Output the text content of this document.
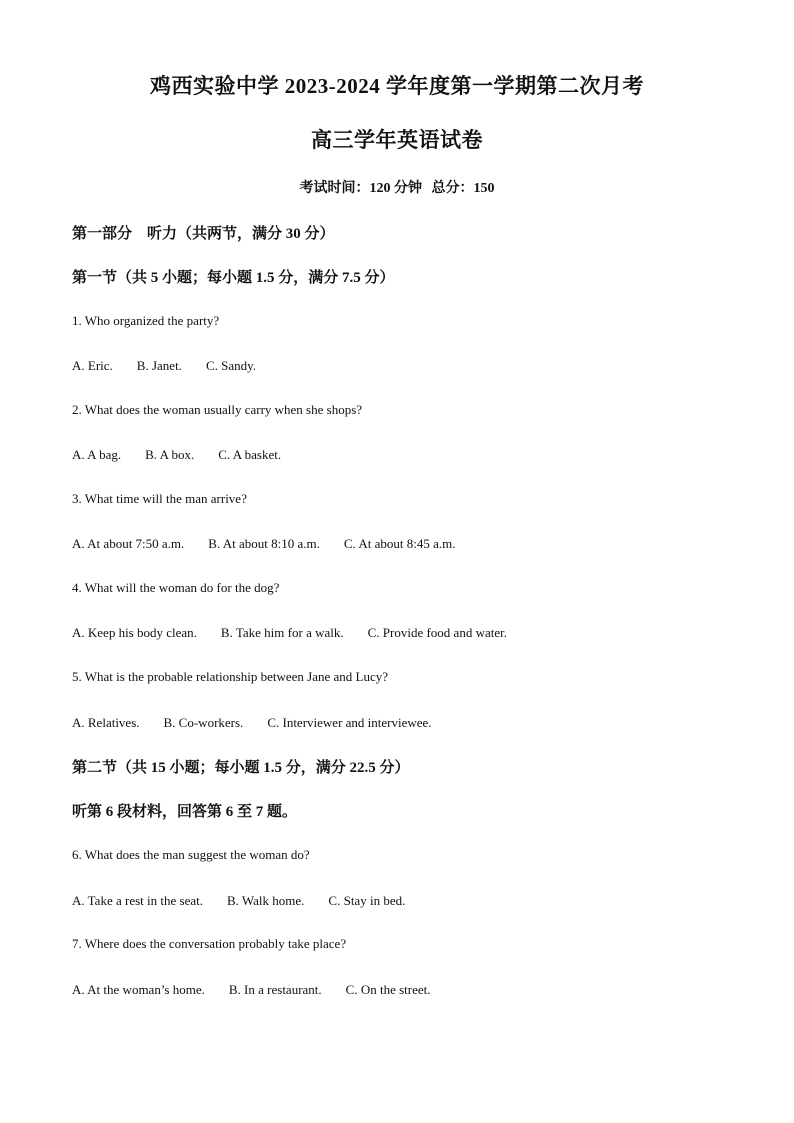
鸡西实验中学 2023-2024 学年度第一学期第二次月考
高三学年英语试卷
考试时间：120 分钟 总分：150
第一部分　听力（共两节，满分 30 分）
第一节（共 5 小题；每小题 1.5 分，满分 7.5 分）
1. Who organized the party?
A. Eric. B. Janet. C. Sandy.
2. What does the woman usually carry when she shops?
A. A bag. B. A box. C. A basket.
3. What time will the man arrive?
A. At about 7:50 a.m. B. At about 8:10 a.m. C. At about 8:45 a.m.
4. What will the woman do for the dog?
A. Keep his body clean. B. Take him for a walk. C. Provide food and water.
5. What is the probable relationship between Jane and Lucy?
A. Relatives. B. Co-workers. C. Interviewer and interviewee.
第二节（共 15 小题；每小题 1.5 分，满分 22.5 分）
听第 6 段材料，回答第 6 至 7 题。
6. What does the man suggest the woman do?
A. Take a rest in the seat. B. Walk home. C. Stay in bed.
7. Where does the conversation probably take place?
A. At the woman’s home. B. In a restaurant. C. On the street.
